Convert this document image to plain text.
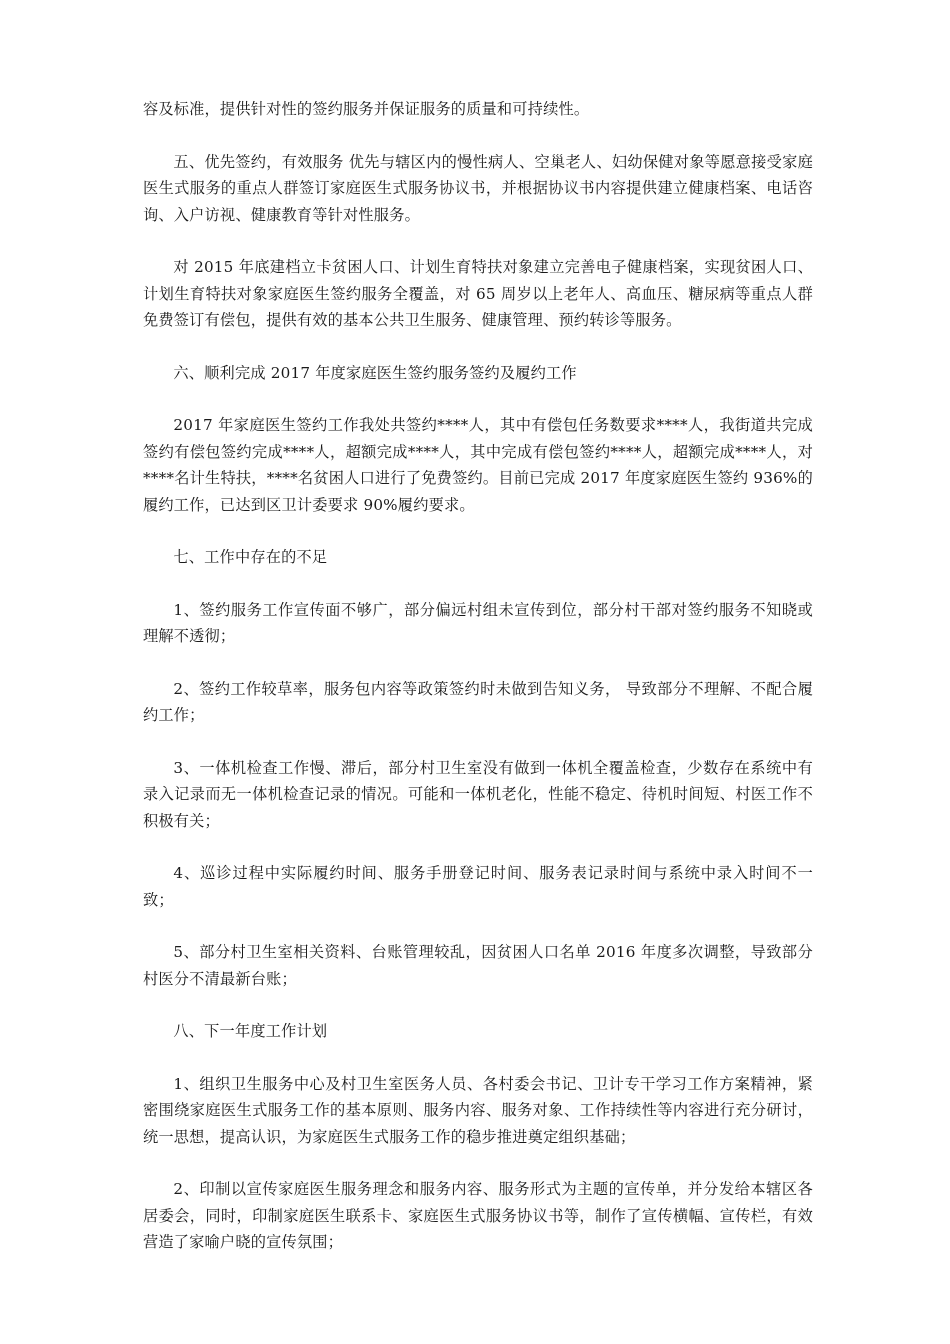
容及标准，提供针对性的签约服务并保证服务的质量和可持续性。

五、优先签约，有效服务 优先与辖区内的慢性病人、空巢老人、妇幼保健对象等愿意接受家庭医生式服务的重点人群签订家庭医生式服务协议书，并根据协议书内容提供建立健康档案、电话咨询、入户访视、健康教育等针对性服务。

对 2015 年底建档立卡贫困人口、计划生育特扶对象建立完善电子健康档案，实现贫困人口、计划生育特扶对象家庭医生签约服务全覆盖，对 65 周岁以上老年人、高血压、糖尿病等重点人群免费签订有偿包，提供有效的基本公共卫生服务、健康管理、预约转诊等服务。

六、顺利完成 2017 年度家庭医生签约服务签约及履约工作

2017 年家庭医生签约工作我处共签约****人，其中有偿包任务数要求****人，我街道共完成签约有偿包签约完成****人，超额完成****人，其中完成有偿包签约****人，超额完成****人，对****名计生特扶，****名贫困人口进行了免费签约。目前已完成 2017 年度家庭医生签约 936%的履约工作，已达到区卫计委要求 90%履约要求。

七、工作中存在的不足

1、签约服务工作宣传面不够广，部分偏远村组未宣传到位，部分村干部对签约服务不知晓或理解不透彻；

2、签约工作较草率，服务包内容等政策签约时未做到告知义务， 导致部分不理解、不配合履约工作；

3、一体机检查工作慢、滞后，部分村卫生室没有做到一体机全覆盖检查，少数存在系统中有录入记录而无一体机检查记录的情况。可能和一体机老化，性能不稳定、待机时间短、村医工作不积极有关；

4、巡诊过程中实际履约时间、服务手册登记时间、服务表记录时间与系统中录入时间不一致；

5、部分村卫生室相关资料、台账管理较乱，因贫困人口名单 2016 年度多次调整，导致部分村医分不清最新台账；

八、下一年度工作计划

1、组织卫生服务中心及村卫生室医务人员、各村委会书记、卫计专干学习工作方案精神，紧密围绕家庭医生式服务工作的基本原则、服务内容、服务对象、工作持续性等内容进行充分研讨，统一思想，提高认识，为家庭医生式服务工作的稳步推进奠定组织基础；

2、印制以宣传家庭医生服务理念和服务内容、服务形式为主题的宣传单，并分发给本辖区各居委会，同时，印制家庭医生联系卡、家庭医生式服务协议书等，制作了宣传横幅、宣传栏，有效营造了家喻户晓的宣传氛围；
